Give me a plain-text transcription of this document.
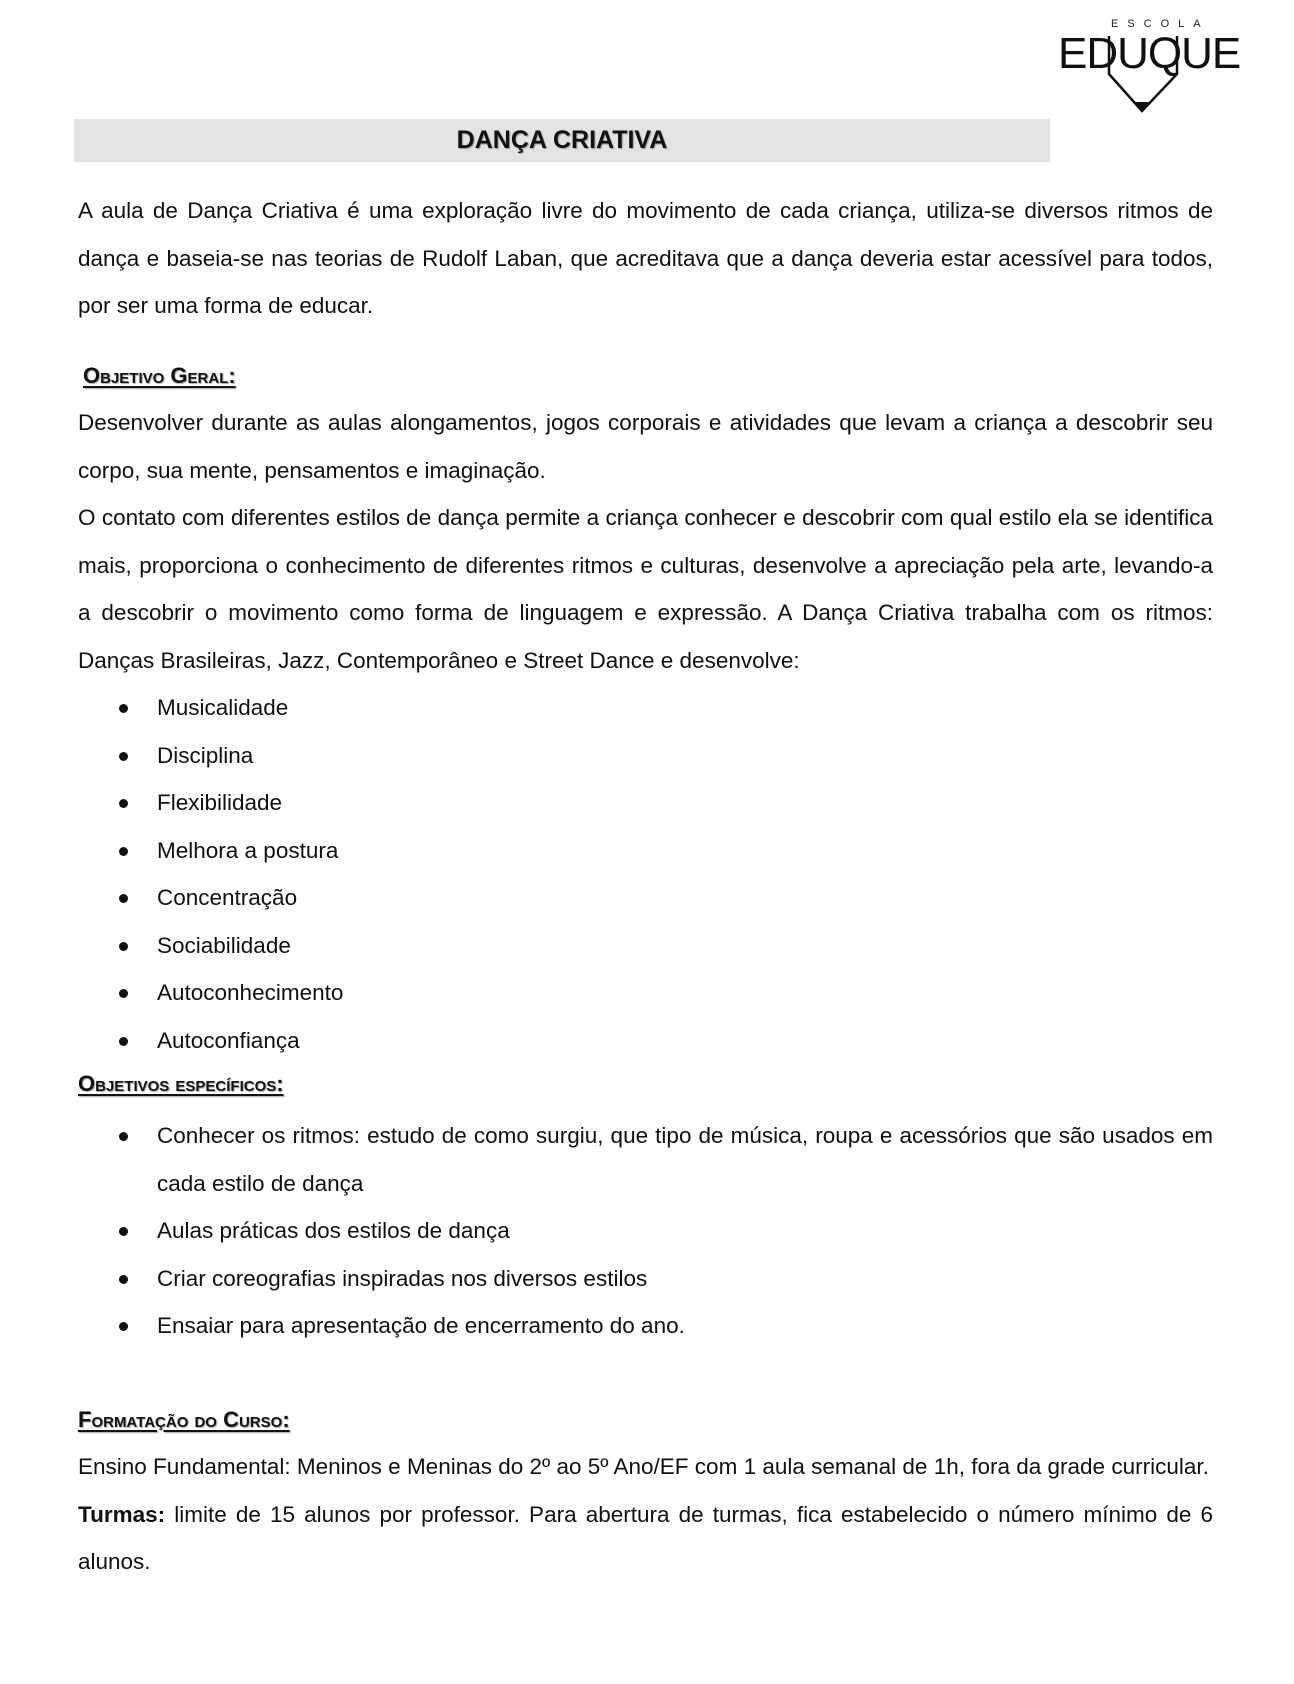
ESCOLA
EDUQUE
DANÇA CRIATIVA

A aula de Dança Criativa é uma exploração livre do movimento de cada criança, utiliza-se diversos ritmos de dança e baseia-se nas teorias de Rudolf Laban, que acreditava que a dança deveria estar acessível para todos, por ser uma forma de educar.

Objetivo Geral:

Desenvolver durante as aulas alongamentos, jogos corporais e atividades que levam a criança a descobrir seu corpo, sua mente, pensamentos e imaginação.

O contato com diferentes estilos de dança permite a criança conhecer e descobrir com qual estilo ela se identifica mais, proporciona o conhecimento de diferentes ritmos e culturas, desenvolve a apreciação pela arte, levando-a a descobrir o movimento como forma de linguagem e expressão. A Dança Criativa trabalha com os ritmos: Danças Brasileiras, Jazz, Contemporâneo e Street Dance e desenvolve:

Musicalidade
Disciplina
Flexibilidade
Melhora a postura
Concentração
Sociabilidade
Autoconhecimento
Autoconfiança

Objetivos específicos:

Conhecer os ritmos: estudo de como surgiu, que tipo de música, roupa e acessórios que são usados em cada estilo de dança
Aulas práticas dos estilos de dança
Criar coreografias inspiradas nos diversos estilos
Ensaiar para apresentação de encerramento do ano.

Formatação do Curso:

Ensino Fundamental: Meninos e Meninas do 2º ao 5º Ano/EF com 1 aula semanal de 1h, fora da grade curricular.

Turmas: limite de 15 alunos por professor. Para abertura de turmas, fica estabelecido o número mínimo de 6 alunos.
